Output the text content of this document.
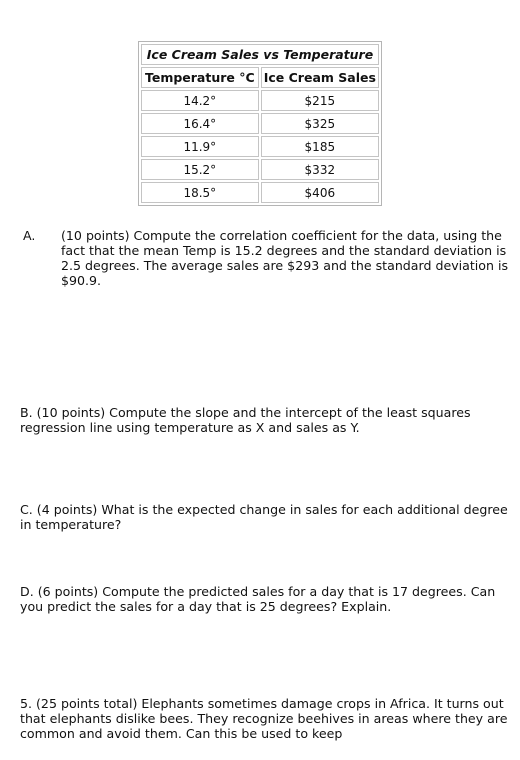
Ice Cream Sales vs Temperature	
Temperature °C	Ice Cream Sales
14.2°	$215
16.4°	$325
11.9°	$185
15.2°	$332
18.5°	$406
A. (10 points) Compute the correlation coefficient for the data, using the fact that the mean Temp is 15.2 degrees and the standard deviation is 2.5 degrees. The average sales are $293 and the standard deviation is $90.9.

B. (10 points) Compute the slope and the intercept of the least squares regression line using temperature as X and sales as Y.

C. (4 points) What is the expected change in sales for each additional degree in temperature?

D. (6 points) Compute the predicted sales for a day that is 17 degrees. Can you predict the sales for a day that is 25 degrees? Explain.

5. (25 points total) Elephants sometimes damage crops in Africa. It turns out that elephants dislike bees. They recognize beehives in areas where they are common and avoid them. Can this be used to keep
